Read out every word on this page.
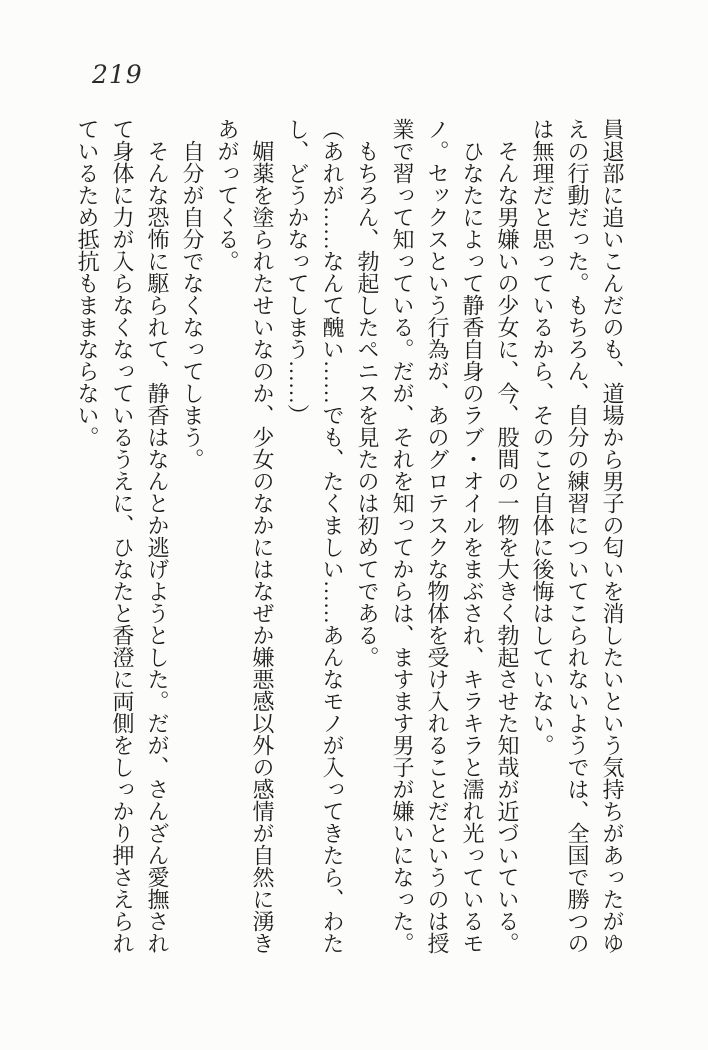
219

員退部に追いこんだのも、道場から男子の匂いを消したいという気持ちがあったがゆえの行動だった。もちろん、自分の練習についてこられないようでは、全国で勝つのは無理だと思っているから、そのこと自体に後悔はしていない。

そんな男嫌いの少女に、今、股間の一物を大きく勃起させた知哉が近づいている。

ひなたによって静香自身のラブ・オイルをまぶされ、キラキラと濡れ光っているモノ。セックスという行為が、あのグロテスクな物体を受け入れることだというのは授業で習って知っている。だが、それを知ってからは、ますます男子が嫌いになった。

もちろん、勃起したペニスを見たのは初めてである。

（あれが……なんて醜い……でも、たくましい……あんなモノが入ってきたら、わたし、どうかなってしまう……）

媚薬を塗られたせいなのか、少女のなかにはなぜか嫌悪感以外の感情が自然に湧きあがってくる。

自分が自分でなくなってしまう。

そんな恐怖に駆られて、静香はなんとか逃げようとした。だが、さんざん愛撫されて身体に力が入らなくなっているうえに、ひなたと香澄に両側をしっかり押さえられているため抵抗もままならない。
